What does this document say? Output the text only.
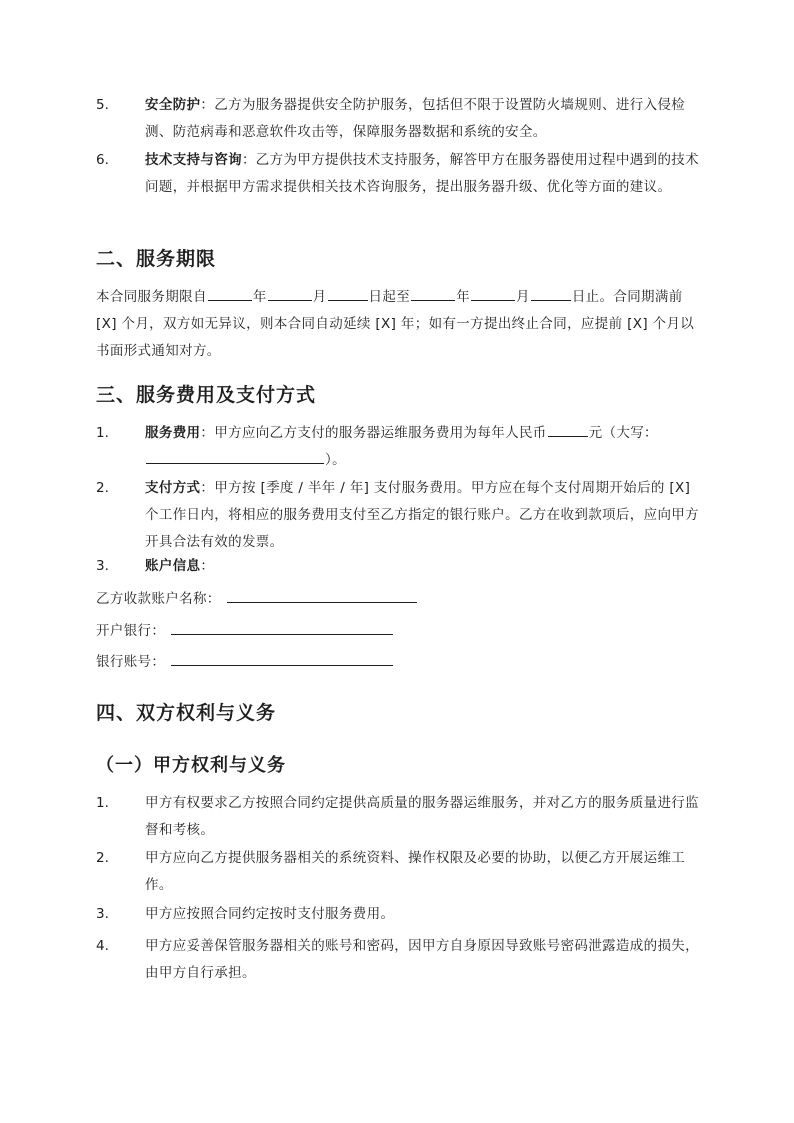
5.	安全防护：乙方为服务器提供安全防护服务，包括但不限于设置防火墙规则、进行入侵检测、防范病毒和恶意软件攻击等，保障服务器数据和系统的安全。
6.	技术支持与咨询：乙方为甲方提供技术支持服务，解答甲方在服务器使用过程中遇到的技术问题，并根据甲方需求提供相关技术咨询服务，提出服务器升级、优化等方面的建议。
二、服务期限
本合同服务期限自	年	月	日起至	年	月	日止。合同期满前 [X] 个月，双方如无异议，则本合同自动延续 [X] 年；如有一方提出终止合同，应提前 [X] 个月以书面形式通知对方。
三、服务费用及支付方式
1.	服务费用：甲方应向乙方支付的服务器运维服务费用为每年人民币	元（大写：
）。
2.	支付方式：甲方按 [季度 / 半年 / 年] 支付服务费用。甲方应在每个支付周期开始后的 [X] 个工作日内，将相应的服务费用支付至乙方指定的银行账户。乙方在收到款项后，应向甲方开具合法有效的发票。
3.	账户信息：
乙方收款账户名称：
开户银行：
银行账号：
四、双方权利与义务
（一）甲方权利与义务
1.	甲方有权要求乙方按照合同约定提供高质量的服务器运维服务，并对乙方的服务质量进行监督和考核。
2.	甲方应向乙方提供服务器相关的系统资料、操作权限及必要的协助，以便乙方开展运维工作。
3.	甲方应按照合同约定按时支付服务费用。
4.	甲方应妥善保管服务器相关的账号和密码，因甲方自身原因导致账号密码泄露造成的损失，由甲方自行承担。
